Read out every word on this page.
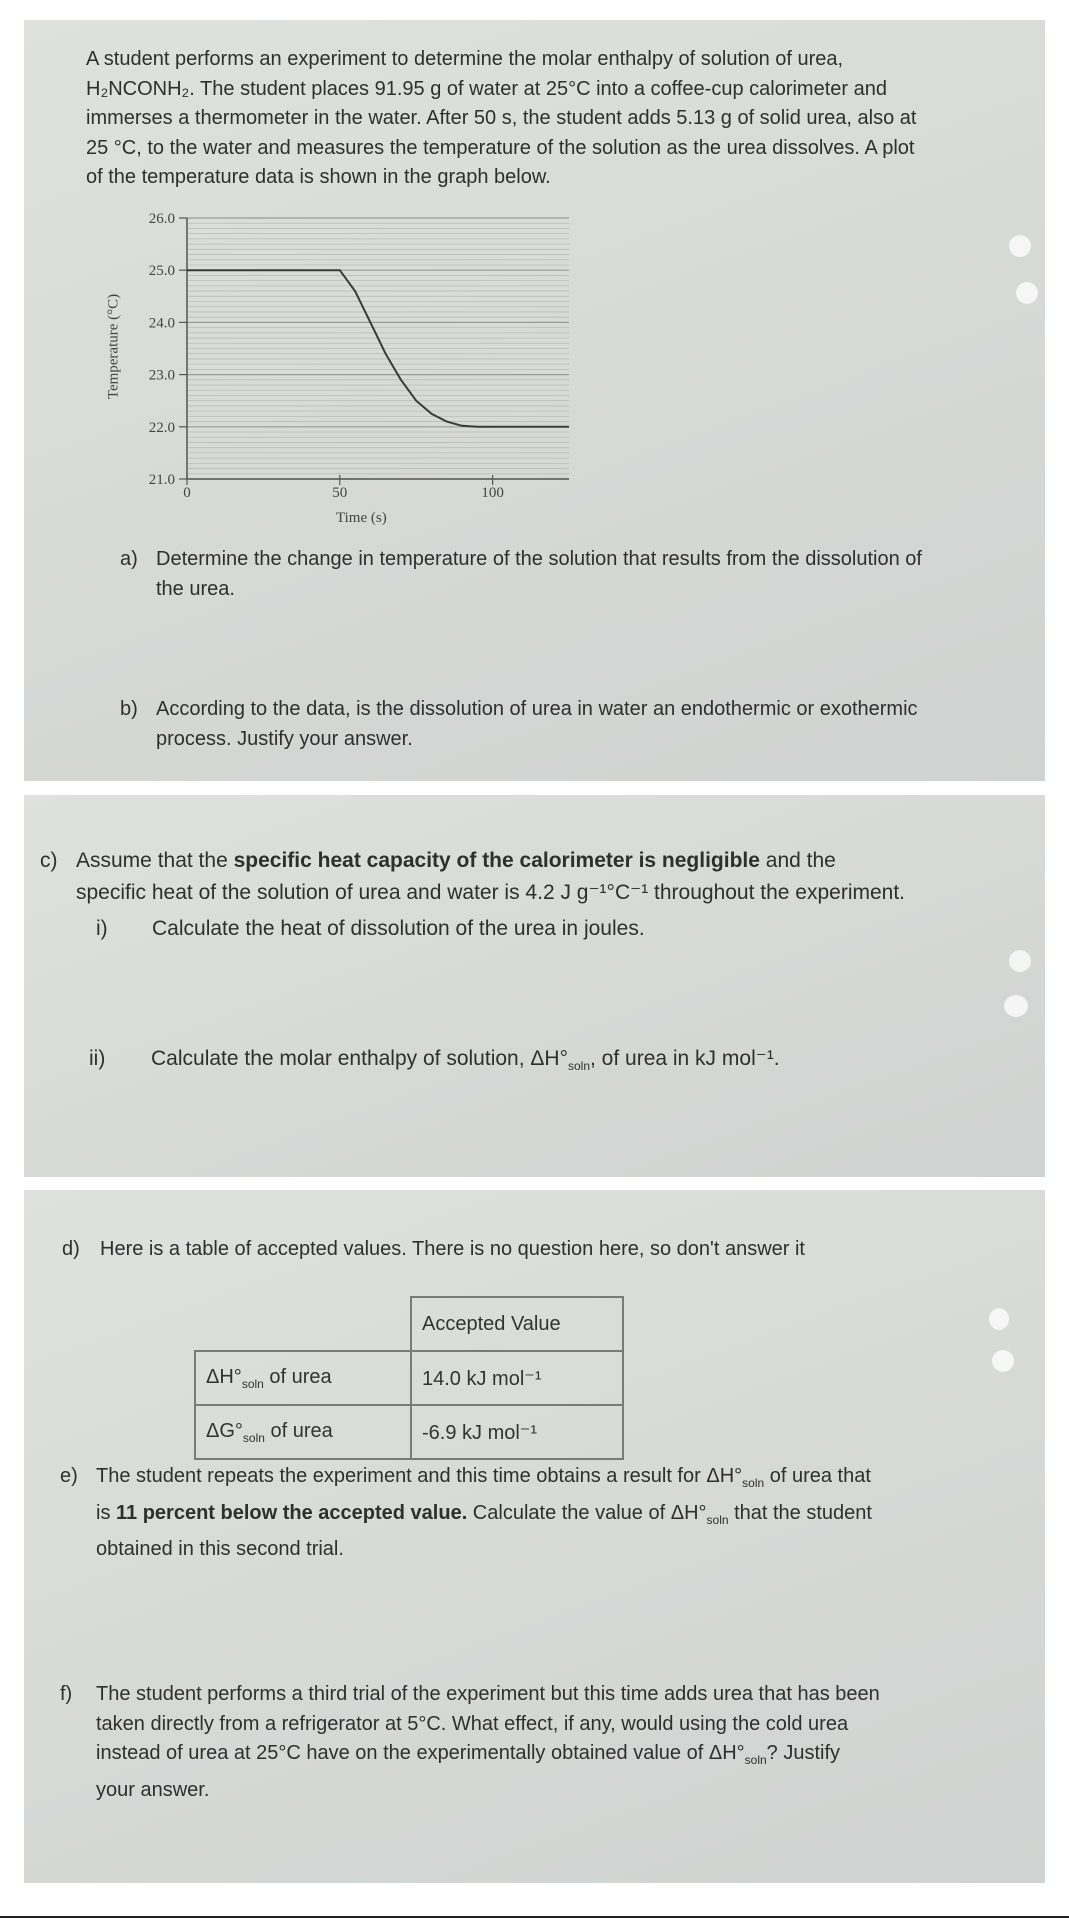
A student performs an experiment to determine the molar enthalpy of solution of urea,
H₂NCONH₂. The student places 91.95 g of water at 25°C into a coffee-cup calorimeter and
immerses a thermometer in the water. After 50 s, the student adds 5.13 g of solid urea, also at
25 °C, to the water and measures the temperature of the solution as the urea dissolves. A plot
of the temperature data is shown in the graph below.
26.0
25.0
24.0
23.0
22.0
21.0
0	50	100
Time (s)
Temperature (°C)
a) Determine the change in temperature of the solution that results from the dissolution of
the urea.
b) According to the data, is the dissolution of urea in water an endothermic or exothermic
process. Justify your answer.
c) Assume that the specific heat capacity of the calorimeter is negligible and the
specific heat of the solution of urea and water is 4.2 J g⁻¹°C⁻¹ throughout the experiment.
i) Calculate the heat of dissolution of the urea in joules.
ii) Calculate the molar enthalpy of solution, $\Delta H^\circ_{soln}$, of urea in kJ mol⁻¹.
d) Here is a table of accepted values. There is no question here, so don't answer it
	Accepted Value
$\Delta H^\circ_{soln}$ of urea	14.0 kJ mol⁻¹
$\Delta G^\circ_{soln}$ of urea	-6.9 kJ mol⁻¹
e) The student repeats the experiment and this time obtains a result for $\Delta H^\circ_{soln}$ of urea that
is 11 percent below the accepted value. Calculate the value of $\Delta H^\circ_{soln}$ that the student
obtained in this second trial.
f) The student performs a third trial of the experiment but this time adds urea that has been
taken directly from a refrigerator at 5°C. What effect, if any, would using the cold urea
instead of urea at 25°C have on the experimentally obtained value of $\Delta H^\circ_{soln}$? Justify
your answer.
